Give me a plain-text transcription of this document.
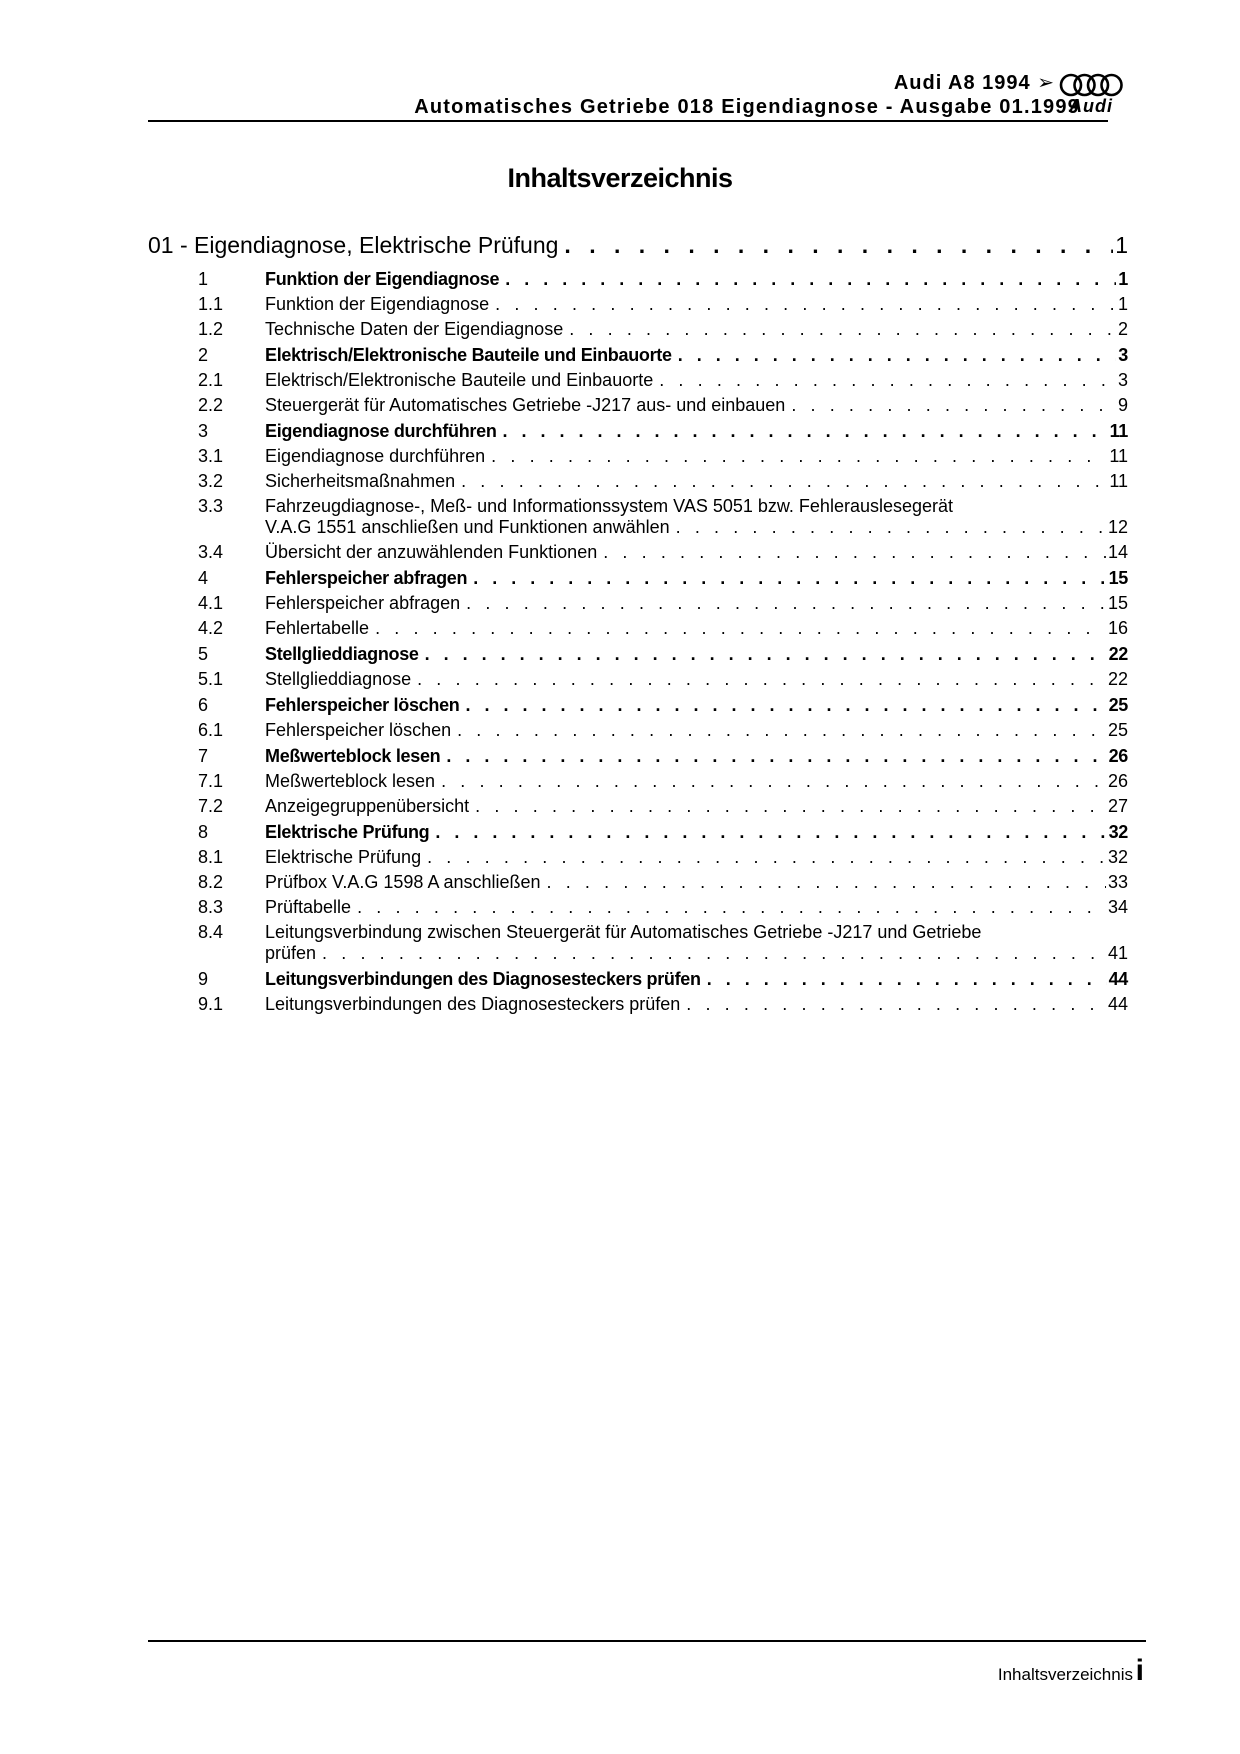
Audi A8 1994 ➢
Automatisches Getriebe 018 Eigendiagnose - Ausgabe 01.1999
Audi
Inhaltsverzeichnis
01 - Eigendiagnose, Elektrische Prüfung . . .	1
1	Funktion der Eigendiagnose . . .	1
1.1	Funktion der Eigendiagnose . . .	1
1.2	Technische Daten der Eigendiagnose . . .	2
2	Elektrisch/Elektronische Bauteile und Einbauorte . . .	3
2.1	Elektrisch/Elektronische Bauteile und Einbauorte . . .	3
2.2	Steuergerät für Automatisches Getriebe -J217 aus- und einbauen . . .	9
3	Eigendiagnose durchführen . . .	11
3.1	Eigendiagnose durchführen . . .	11
3.2	Sicherheitsmaßnahmen . . .	11
3.3	Fahrzeugdiagnose-, Meß- und Informationssystem VAS 5051 bzw. Fehlerauslesegerät
V.A.G 1551 anschließen und Funktionen anwählen . . .	12
3.4	Übersicht der anzuwählenden Funktionen . . .	14
4	Fehlerspeicher abfragen . . .	15
4.1	Fehlerspeicher abfragen . . .	15
4.2	Fehlertabelle . . .	16
5	Stellglieddiagnose . . .	22
5.1	Stellglieddiagnose . . .	22
6	Fehlerspeicher löschen . . .	25
6.1	Fehlerspeicher löschen . . .	25
7	Meßwerteblock lesen . . .	26
7.1	Meßwerteblock lesen . . .	26
7.2	Anzeigegruppenübersicht . . .	27
8	Elektrische Prüfung . . .	32
8.1	Elektrische Prüfung . . .	32
8.2	Prüfbox V.A.G 1598 A anschließen . . .	33
8.3	Prüftabelle . . .	34
8.4	Leitungsverbindung zwischen Steuergerät für Automatisches Getriebe -J217 und Getriebe
prüfen . . .	41
9	Leitungsverbindungen des Diagnosesteckers prüfen . . .	44
9.1	Leitungsverbindungen des Diagnosesteckers prüfen . . .	44
Inhaltsverzeichnis i
